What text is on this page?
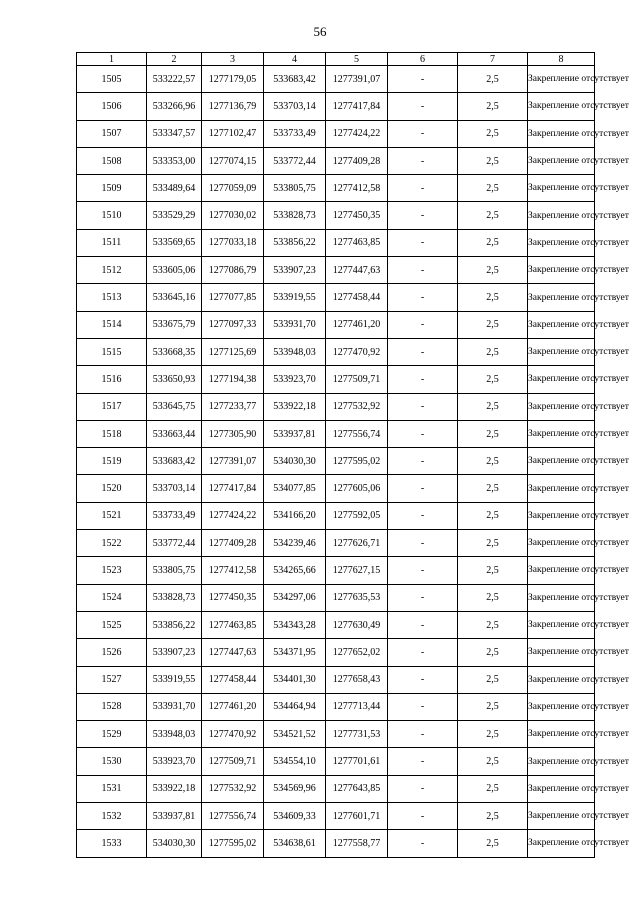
56
1	2	3	4	5	6	7	8
1505	533222,57	1277179,05	533683,42	1277391,07	-	2,5	Закрепление отсутствует
1506	533266,96	1277136,79	533703,14	1277417,84	-	2,5	Закрепление отсутствует
1507	533347,57	1277102,47	533733,49	1277424,22	-	2,5	Закрепление отсутствует
1508	533353,00	1277074,15	533772,44	1277409,28	-	2,5	Закрепление отсутствует
1509	533489,64	1277059,09	533805,75	1277412,58	-	2,5	Закрепление отсутствует
1510	533529,29	1277030,02	533828,73	1277450,35	-	2,5	Закрепление отсутствует
1511	533569,65	1277033,18	533856,22	1277463,85	-	2,5	Закрепление отсутствует
1512	533605,06	1277086,79	533907,23	1277447,63	-	2,5	Закрепление отсутствует
1513	533645,16	1277077,85	533919,55	1277458,44	-	2,5	Закрепление отсутствует
1514	533675,79	1277097,33	533931,70	1277461,20	-	2,5	Закрепление отсутствует
1515	533668,35	1277125,69	533948,03	1277470,92	-	2,5	Закрепление отсутствует
1516	533650,93	1277194,38	533923,70	1277509,71	-	2,5	Закрепление отсутствует
1517	533645,75	1277233,77	533922,18	1277532,92	-	2,5	Закрепление отсутствует
1518	533663,44	1277305,90	533937,81	1277556,74	-	2,5	Закрепление отсутствует
1519	533683,42	1277391,07	534030,30	1277595,02	-	2,5	Закрепление отсутствует
1520	533703,14	1277417,84	534077,85	1277605,06	-	2,5	Закрепление отсутствует
1521	533733,49	1277424,22	534166,20	1277592,05	-	2,5	Закрепление отсутствует
1522	533772,44	1277409,28	534239,46	1277626,71	-	2,5	Закрепление отсутствует
1523	533805,75	1277412,58	534265,66	1277627,15	-	2,5	Закрепление отсутствует
1524	533828,73	1277450,35	534297,06	1277635,53	-	2,5	Закрепление отсутствует
1525	533856,22	1277463,85	534343,28	1277630,49	-	2,5	Закрепление отсутствует
1526	533907,23	1277447,63	534371,95	1277652,02	-	2,5	Закрепление отсутствует
1527	533919,55	1277458,44	534401,30	1277658,43	-	2,5	Закрепление отсутствует
1528	533931,70	1277461,20	534464,94	1277713,44	-	2,5	Закрепление отсутствует
1529	533948,03	1277470,92	534521,52	1277731,53	-	2,5	Закрепление отсутствует
1530	533923,70	1277509,71	534554,10	1277701,61	-	2,5	Закрепление отсутствует
1531	533922,18	1277532,92	534569,96	1277643,85	-	2,5	Закрепление отсутствует
1532	533937,81	1277556,74	534609,33	1277601,71	-	2,5	Закрепление отсутствует
1533	534030,30	1277595,02	534638,61	1277558,77	-	2,5	Закрепление отсутствует
